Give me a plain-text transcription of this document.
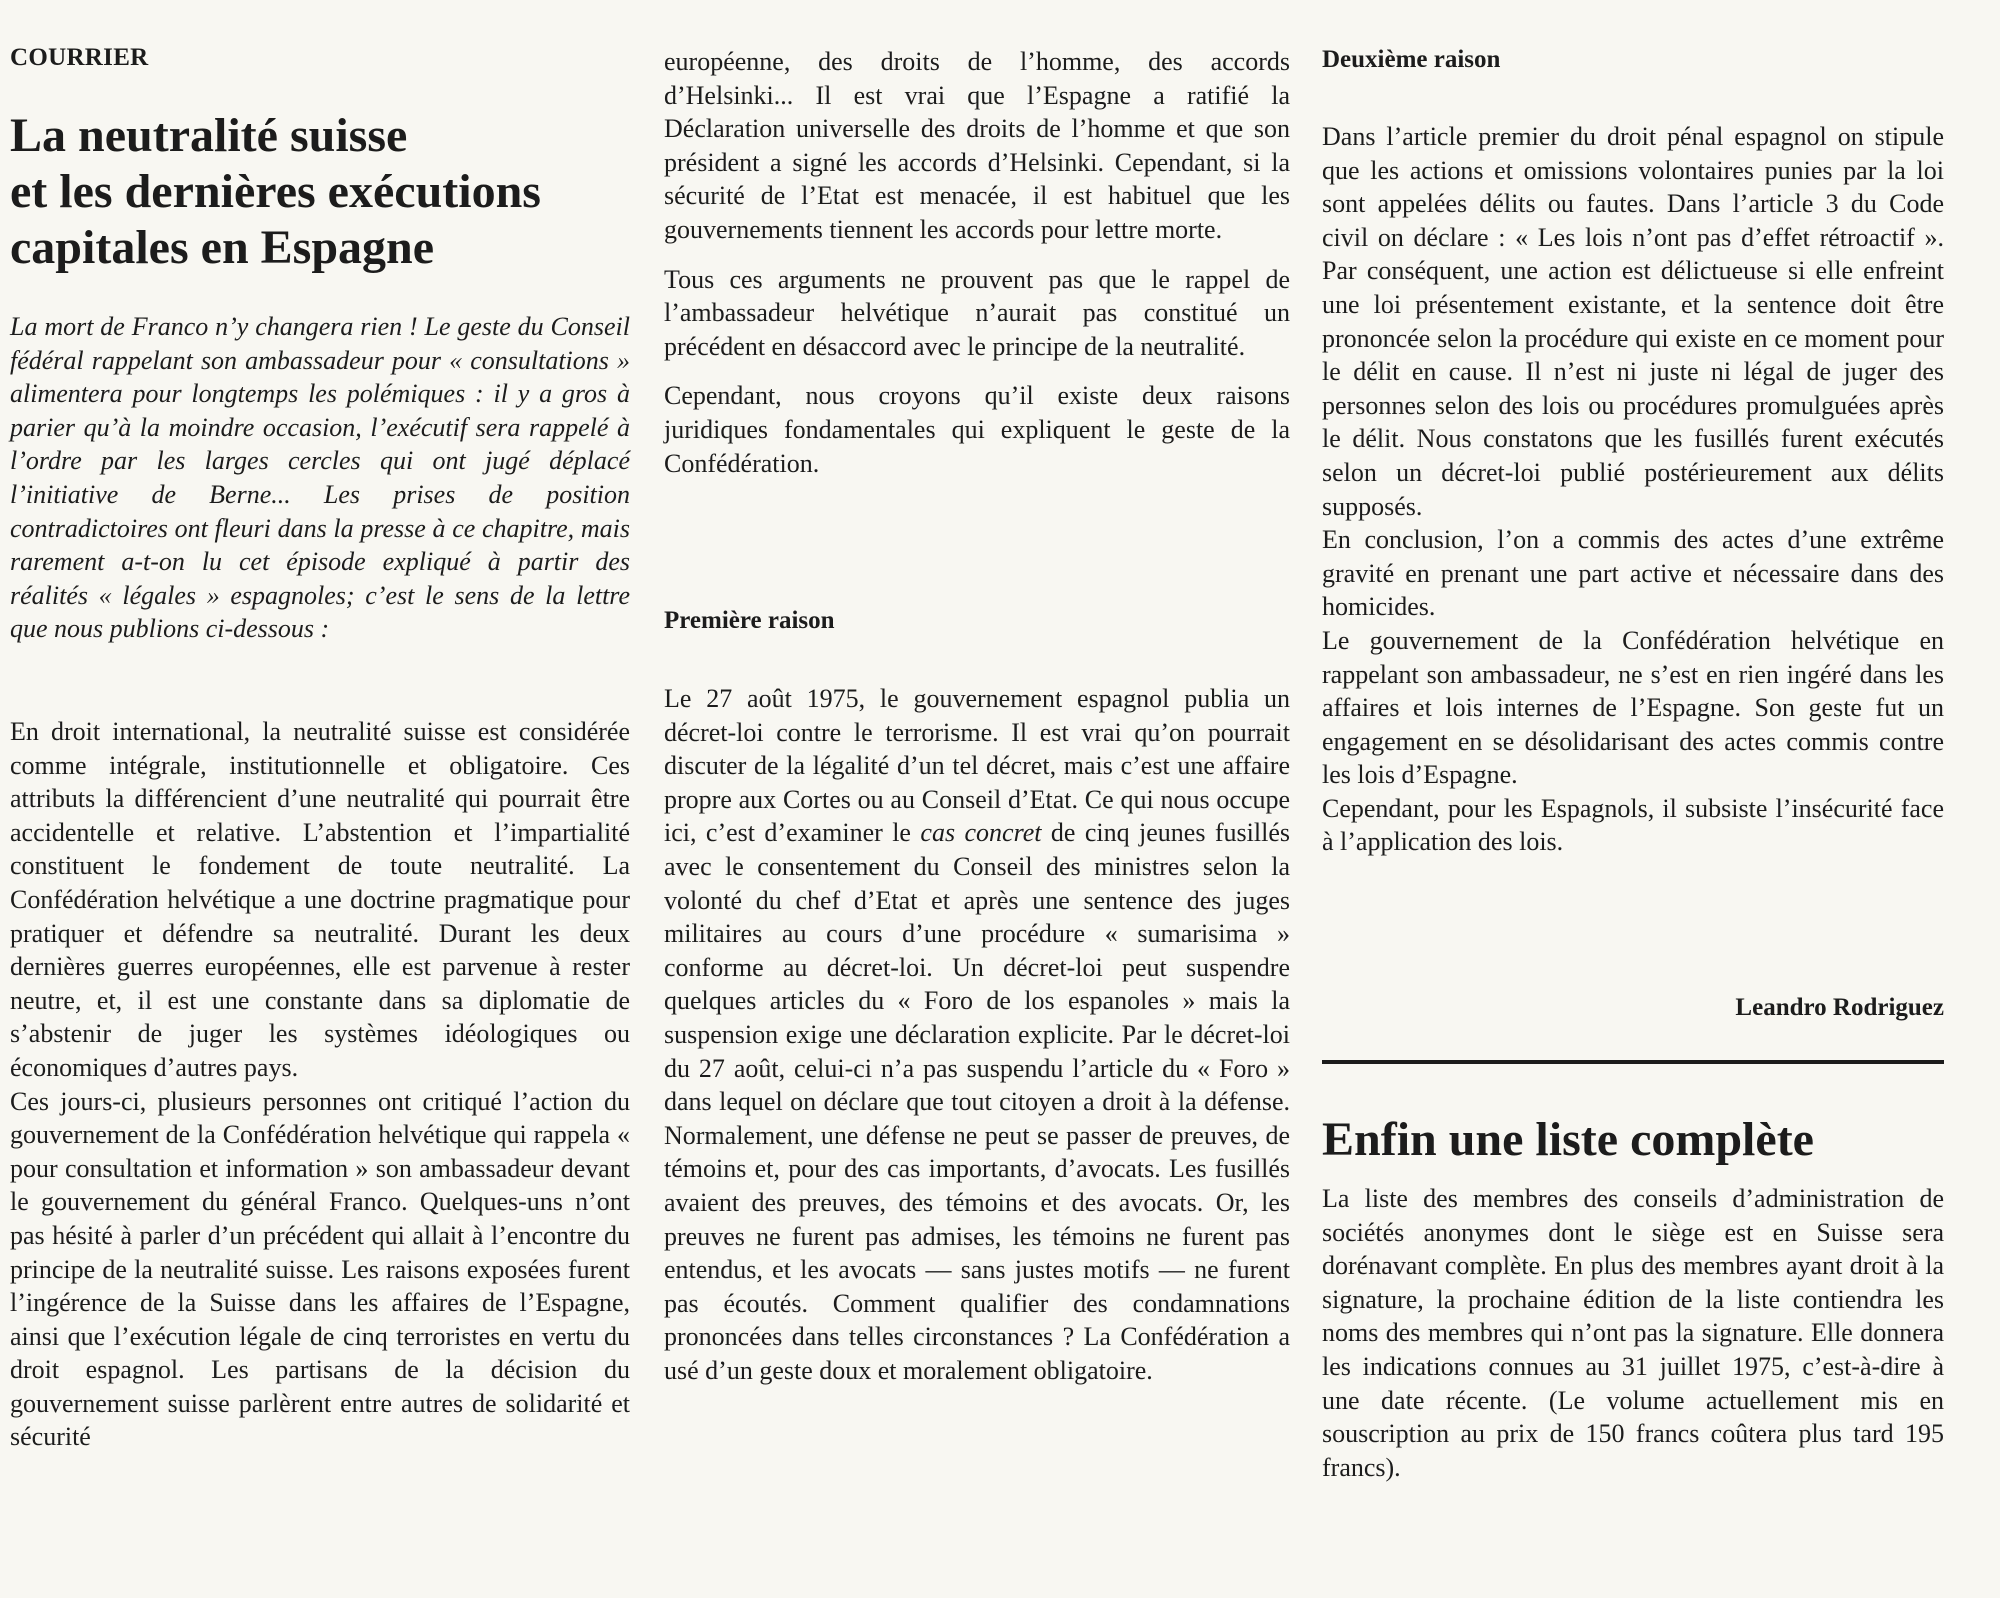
COURRIER
La neutralité suisse
et les dernières exécutions
capitales en Espagne

La mort de Franco n’y changera rien ! Le geste du Conseil fédéral rappelant son ambassadeur pour « consultations » alimentera pour longtemps les polémiques : il y a gros à parier qu’à la moindre occasion, l’exécutif sera rappelé à l’ordre par les larges cercles qui ont jugé déplacé l’initiative de Berne... Les prises de position contradictoires ont fleuri dans la presse à ce chapitre, mais rarement a-t-on lu cet épisode expliqué à partir des réalités « légales » espagnoles; c’est le sens de la lettre que nous publions ci-dessous :

En droit international, la neutralité suisse est considérée comme intégrale, institutionnelle et obligatoire. Ces attributs la différencient d’une neutralité qui pourrait être accidentelle et relative. L’abstention et l’impartialité constituent le fondement de toute neutralité. La Confédération helvétique a une doctrine pragmatique pour pratiquer et défendre sa neutralité. Durant les deux dernières guerres européennes, elle est parvenue à rester neutre, et, il est une constante dans sa diplomatie de s’abstenir de juger les systèmes idéologiques ou économiques d’autres pays.

Ces jours-ci, plusieurs personnes ont critiqué l’action du gouvernement de la Confédération helvétique qui rappela « pour consultation et information » son ambassadeur devant le gouvernement du général Franco. Quelques-uns n’ont pas hésité à parler d’un précédent qui allait à l’encontre du principe de la neutralité suisse. Les raisons exposées furent l’ingérence de la Suisse dans les affaires de l’Espagne, ainsi que l’exécution légale de cinq terroristes en vertu du droit espagnol. Les partisans de la décision du gouvernement suisse parlèrent entre autres de solidarité et sécurité

européenne, des droits de l’homme, des accords d’Helsinki... Il est vrai que l’Espagne a ratifié la Déclaration universelle des droits de l’homme et que son président a signé les accords d’Helsinki. Cependant, si la sécurité de l’Etat est menacée, il est habituel que les gouvernements tiennent les accords pour lettre morte.

Tous ces arguments ne prouvent pas que le rappel de l’ambassadeur helvétique n’aurait pas constitué un précédent en désaccord avec le principe de la neutralité.

Cependant, nous croyons qu’il existe deux raisons juridiques fondamentales qui expliquent le geste de la Confédération.

Première raison

Le 27 août 1975, le gouvernement espagnol publia un décret-loi contre le terrorisme. Il est vrai qu’on pourrait discuter de la légalité d’un tel décret, mais c’est une affaire propre aux Cortes ou au Conseil d’Etat. Ce qui nous occupe ici, c’est d’examiner le cas concret de cinq jeunes fusillés avec le consentement du Conseil des ministres selon la volonté du chef d’Etat et après une sentence des juges militaires au cours d’une procédure « sumarisima » conforme au décret-loi. Un décret-loi peut suspendre quelques articles du « Foro de los espanoles » mais la suspension exige une déclaration explicite. Par le décret-loi du 27 août, celui-ci n’a pas suspendu l’article du « Foro » dans lequel on déclare que tout citoyen a droit à la défense. Normalement, une défense ne peut se passer de preuves, de témoins et, pour des cas importants, d’avocats. Les fusillés avaient des preuves, des témoins et des avocats. Or, les preuves ne furent pas admises, les témoins ne furent pas entendus, et les avocats — sans justes motifs — ne furent pas écoutés. Comment qualifier des condamnations prononcées dans telles circonstances ? La Confédération a usé d’un geste doux et moralement obligatoire.

Deuxième raison

Dans l’article premier du droit pénal espagnol on stipule que les actions et omissions volontaires punies par la loi sont appelées délits ou fautes. Dans l’article 3 du Code civil on déclare : « Les lois n’ont pas d’effet rétroactif ». Par conséquent, une action est délictueuse si elle enfreint une loi présentement existante, et la sentence doit être prononcée selon la procédure qui existe en ce moment pour le délit en cause. Il n’est ni juste ni légal de juger des personnes selon des lois ou procédures promulguées après le délit. Nous constatons que les fusillés furent exécutés selon un décret-loi publié postérieurement aux délits supposés.

En conclusion, l’on a commis des actes d’une extrême gravité en prenant une part active et nécessaire dans des homicides.

Le gouvernement de la Confédération helvétique en rappelant son ambassadeur, ne s’est en rien ingéré dans les affaires et lois internes de l’Espagne. Son geste fut un engagement en se désolidarisant des actes commis contre les lois d’Espagne.

Cependant, pour les Espagnols, il subsiste l’insécurité face à l’application des lois.

Leandro Rodriguez
Enfin une liste complète

La liste des membres des conseils d’administration de sociétés anonymes dont le siège est en Suisse sera dorénavant complète. En plus des membres ayant droit à la signature, la prochaine édition de la liste contiendra les noms des membres qui n’ont pas la signature. Elle donnera les indications connues au 31 juillet 1975, c’est-à-dire à une date récente. (Le volume actuellement mis en souscription au prix de 150 francs coûtera plus tard 195 francs).
